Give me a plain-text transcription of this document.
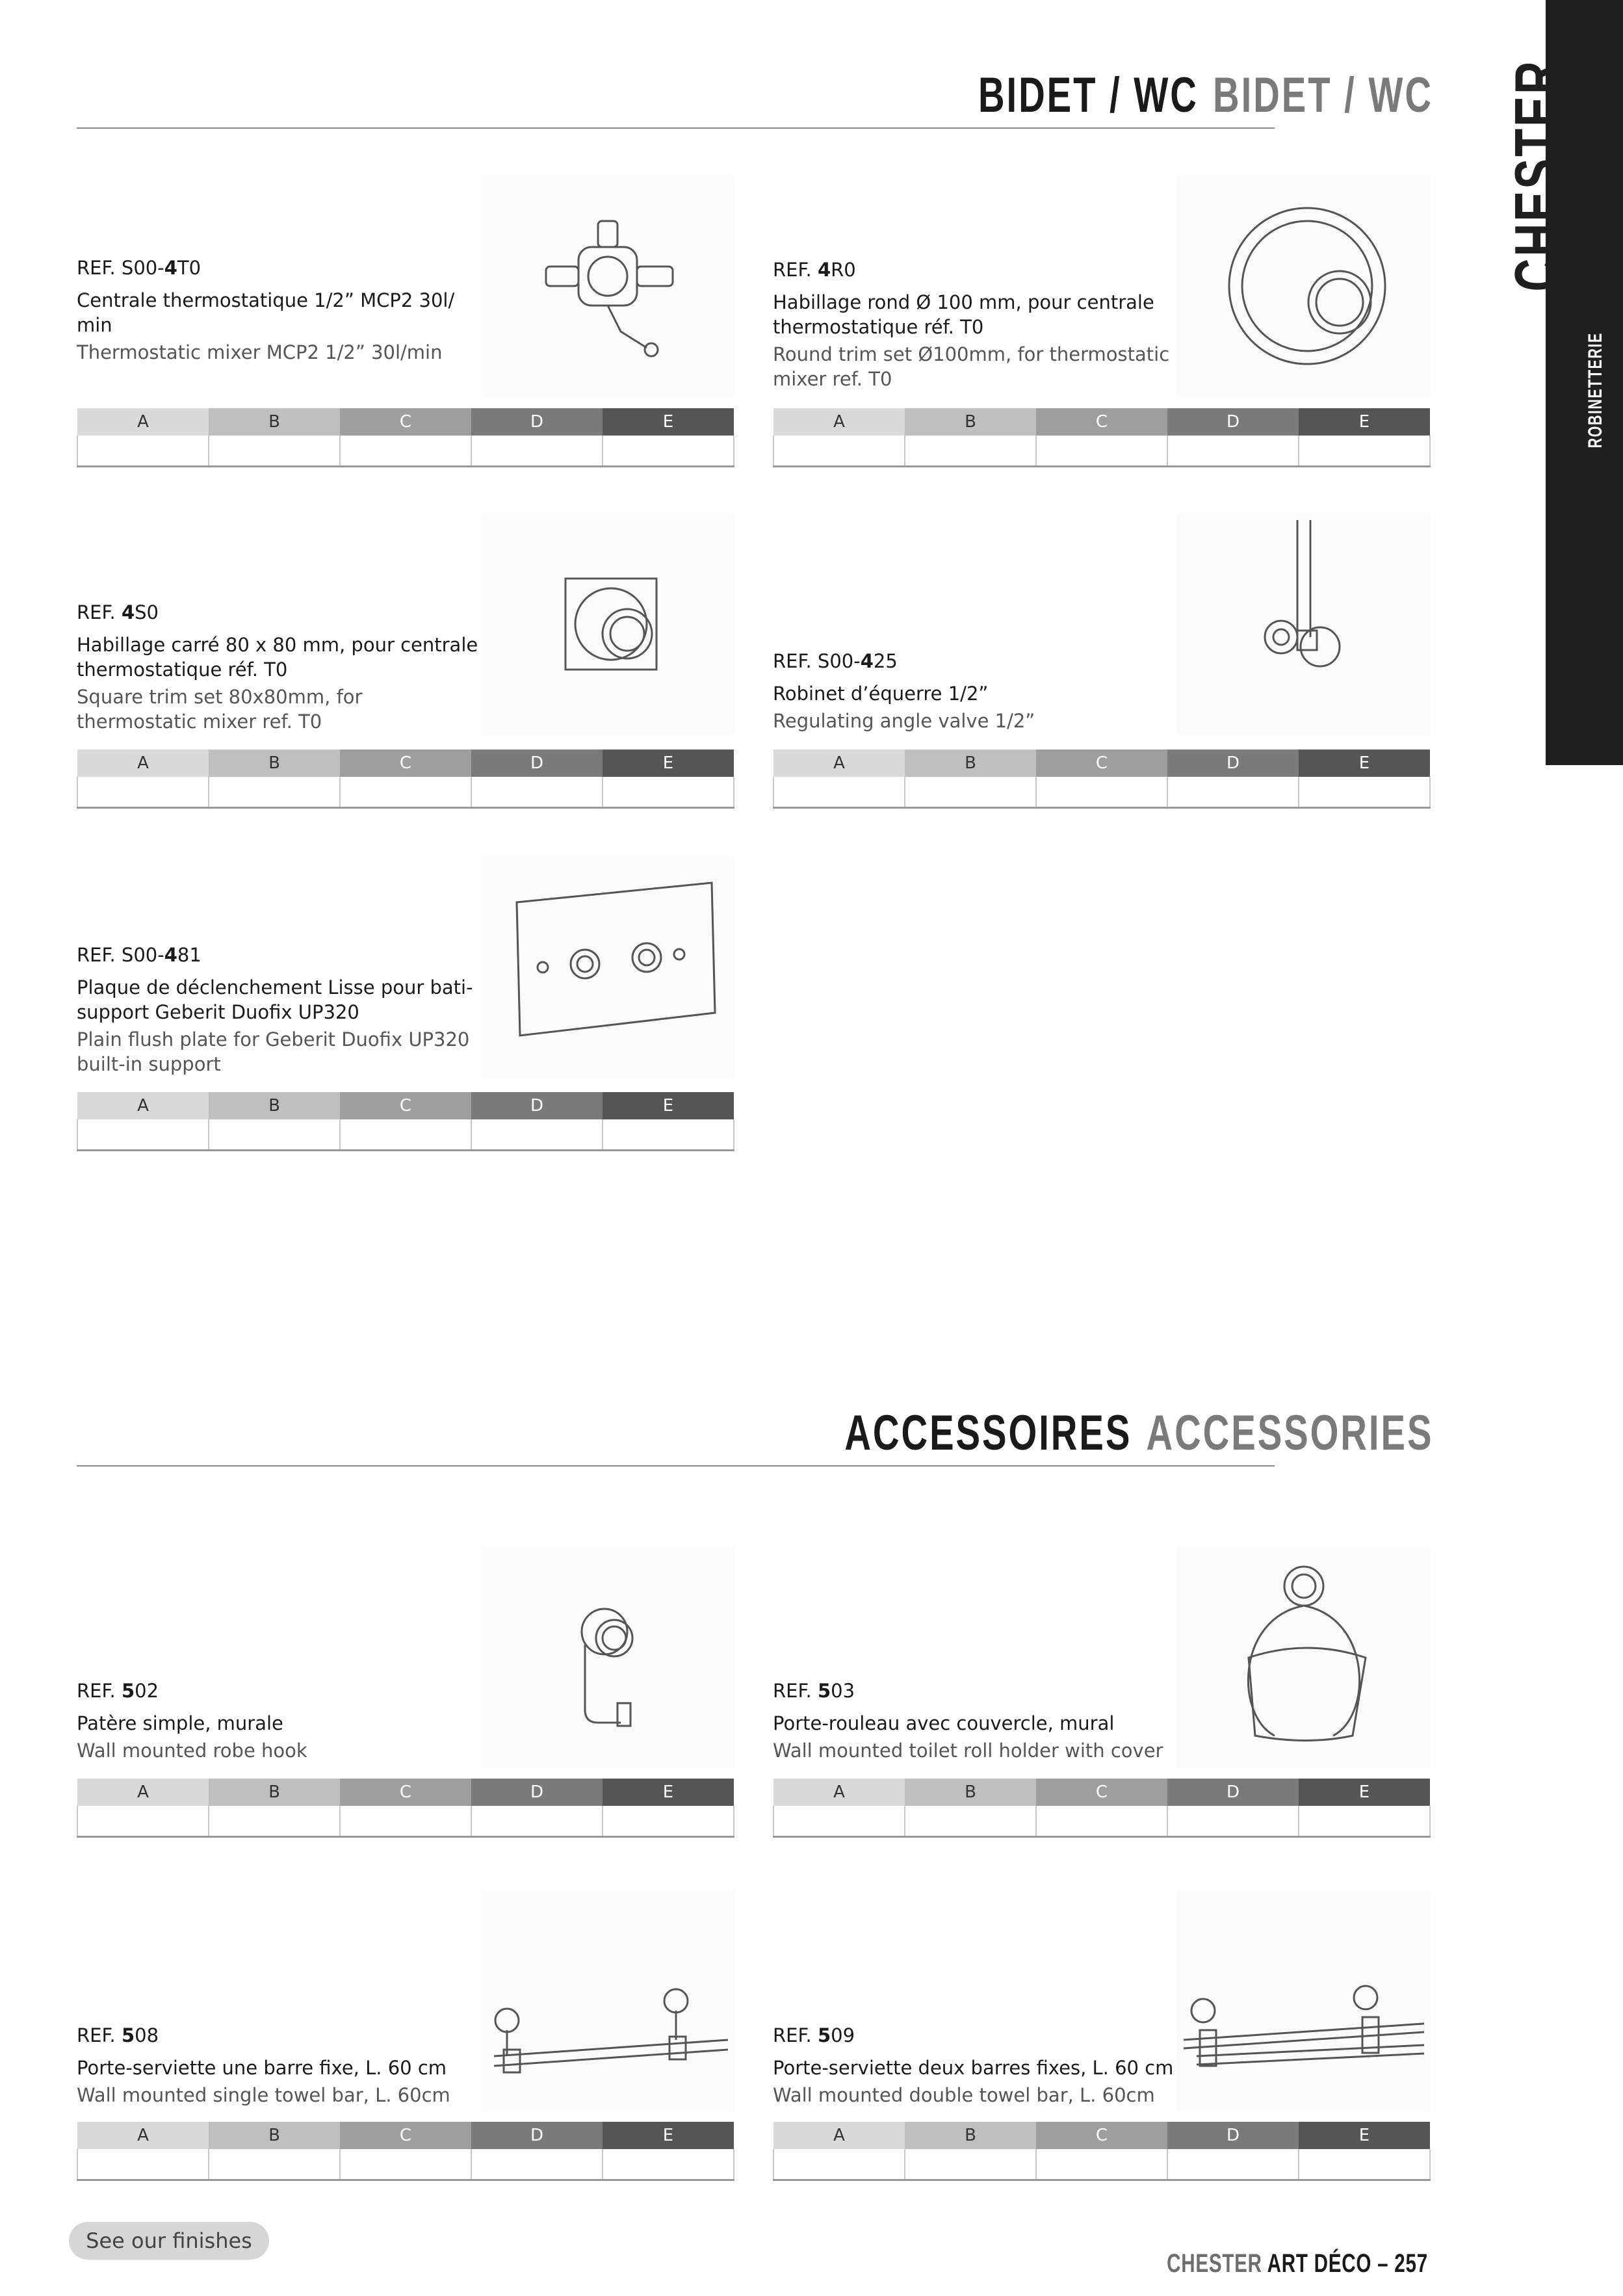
CHESTER
ROBINETTERIE
BIDET / WC BIDET / WC
ACCESSOIRES ACCESSORIES
REF. S00-4T0
Centrale thermostatique 1/2” MCP2 30l/ min
Thermostatic mixer MCP2 1/2” 30l/min
A	B	C	D	E

REF. 4R0
Habillage rond Ø 100 mm, pour centrale thermostatique réf. T0
Round trim set Ø100mm, for thermostatic mixer ref. T0
A	B	C	D	E

REF. 4S0
Habillage carré 80 x 80 mm, pour centrale thermostatique réf. T0
Square trim set 80x80mm, for thermostatic mixer ref. T0
A	B	C	D	E

REF. S00-425
Robinet d’équerre 1/2”
Regulating angle valve 1/2”
A	B	C	D	E

REF. S00-481
Plaque de déclenchement Lisse pour bati-support Geberit Duofix UP320
Plain flush plate for Geberit Duofix UP320 built-in support
A	B	C	D	E

REF. 502
Patère simple, murale
Wall mounted robe hook
A	B	C	D	E

REF. 503
Porte-rouleau avec couvercle, mural
Wall mounted toilet roll holder with cover
A	B	C	D	E

REF. 508
Porte-serviette une barre fixe, L. 60 cm
Wall mounted single towel bar, L. 60cm
A	B	C	D	E

REF. 509
Porte-serviette deux barres fixes, L. 60 cm
Wall mounted double towel bar, L. 60cm
A	B	C	D	E

See our finishes
CHESTER ART DÉCO – 257
